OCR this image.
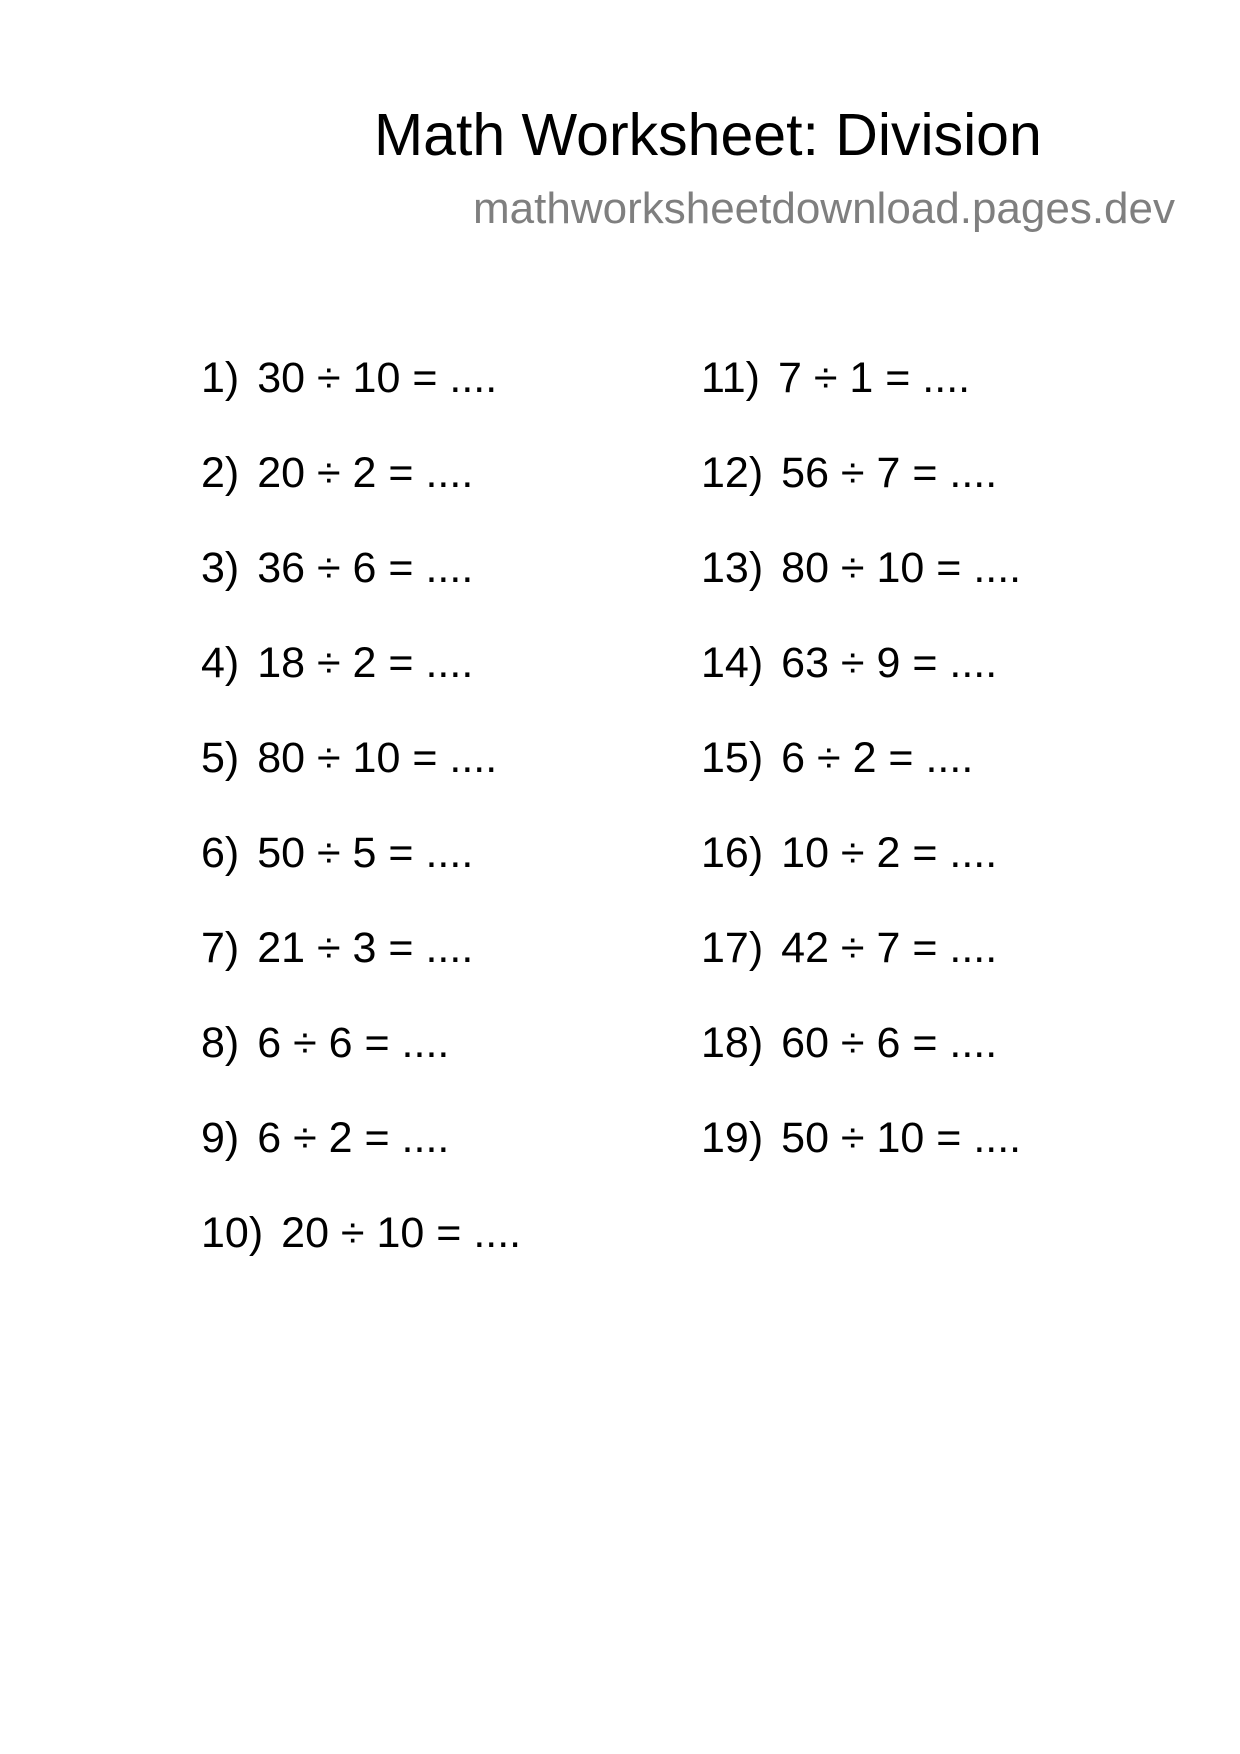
Math Worksheet: Division
mathworksheetdownload.pages.dev
1) 30 ÷ 10 = ....
2) 20 ÷ 2 = ....
3) 36 ÷ 6 = ....
4) 18 ÷ 2 = ....
5) 80 ÷ 10 = ....
6) 50 ÷ 5 = ....
7) 21 ÷ 3 = ....
8) 6 ÷ 6 = ....
9) 6 ÷ 2 = ....
10) 20 ÷ 10 = ....
11) 7 ÷ 1 = ....
12) 56 ÷ 7 = ....
13) 80 ÷ 10 = ....
14) 63 ÷ 9 = ....
15) 6 ÷ 2 = ....
16) 10 ÷ 2 = ....
17) 42 ÷ 7 = ....
18) 60 ÷ 6 = ....
19) 50 ÷ 10 = ....
